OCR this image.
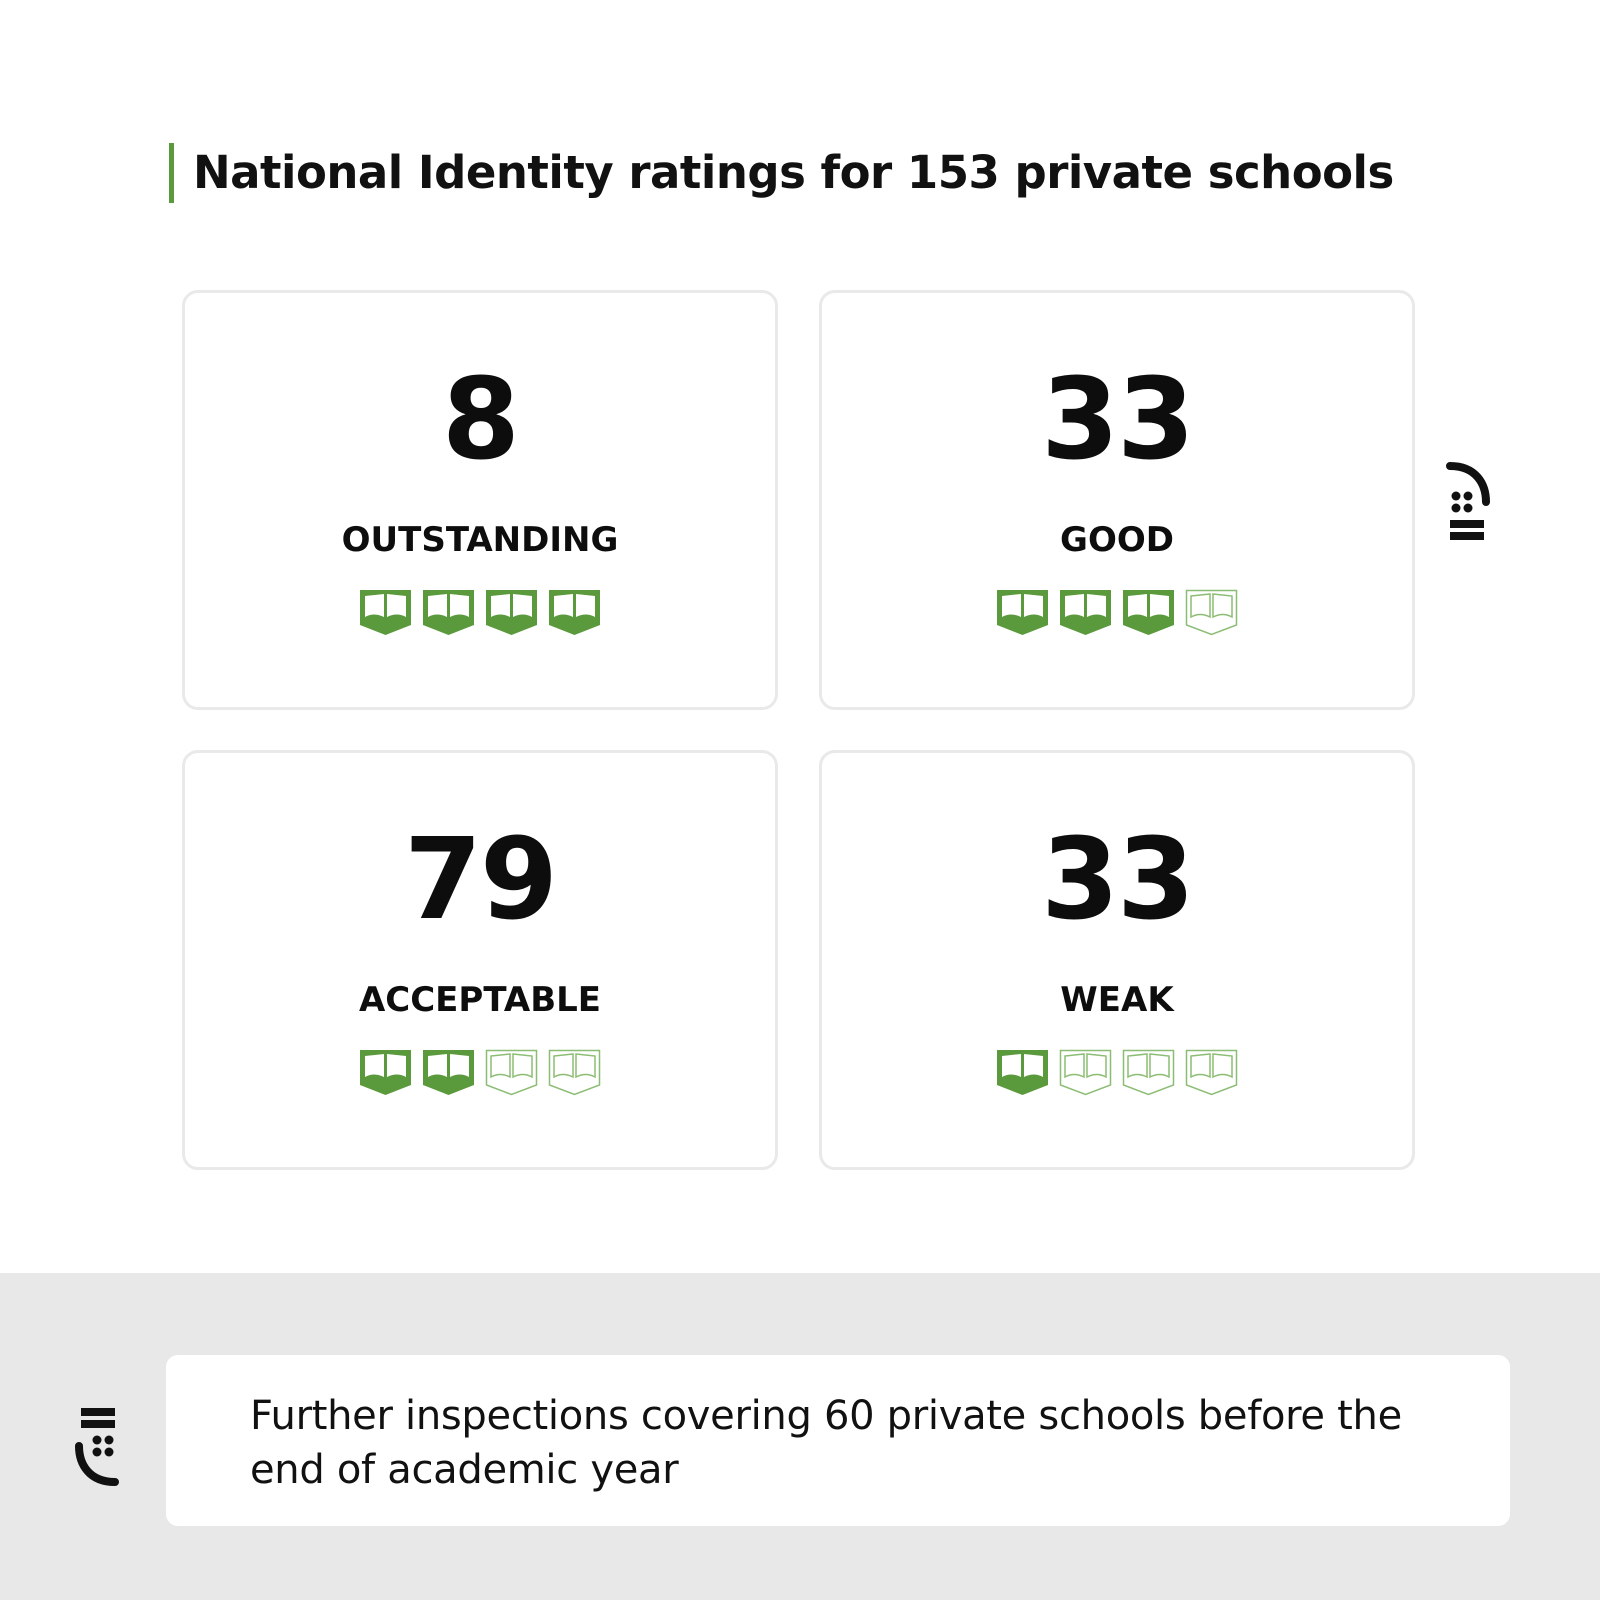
National Identity ratings for 153 private schools
8
OUTSTANDING
33
GOOD
79
ACCEPTABLE
33
WEAK
Further inspections covering 60 private schools before the end of academic year
